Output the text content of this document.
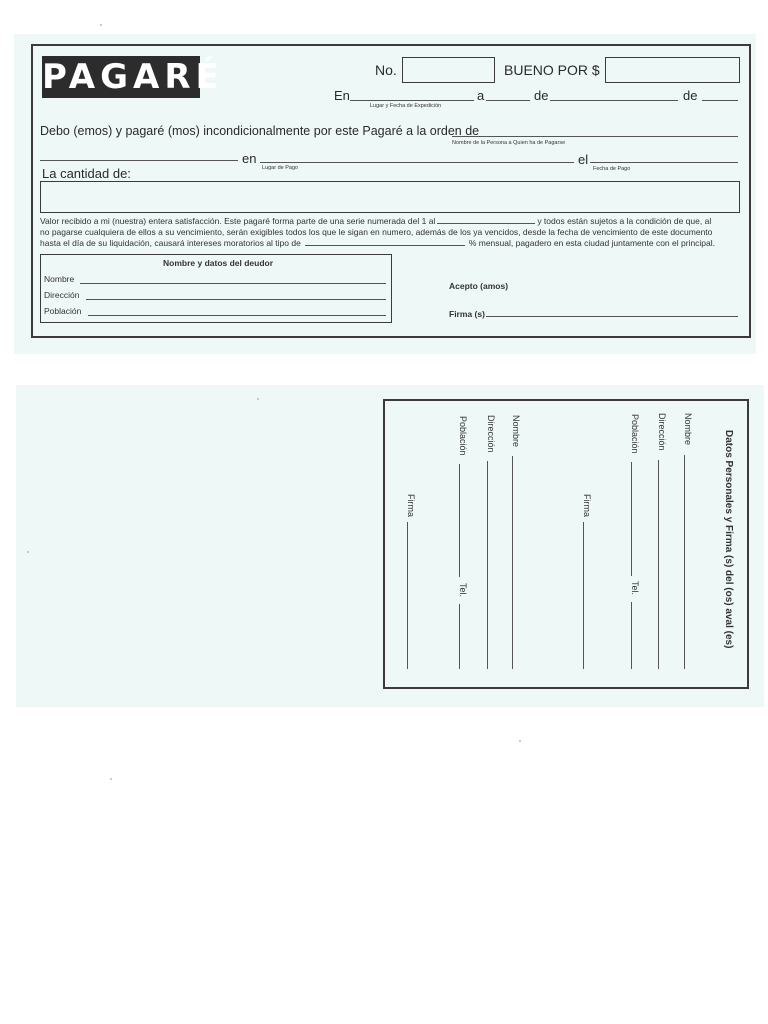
PAGARÉ	No.	BUENO POR $
En	a	de	de
Lugar y Fecha de Expedición
Debo (emos) y pagaré (mos) incondicionalmente por este Pagaré a la orden de
Nombre de la Persona a Quien ha de Pagarse
en	el
Lugar de Pago	Fecha de Pago
La cantidad de:
Valor recibido a mi (nuestra) entera satisfacción. Este pagaré forma parte de una serie numerada del 1 al	y todos están sujetos a la condición de que, al
no pagarse cualquiera de ellos a su vencimiento, serán exigibles todos los que le sigan en numero, además de los ya vencidos, desde la fecha de vencimiento de este documento
hasta el día de su liquidación, causará intereses moratorios al tipo de	% mensual, pagadero en esta ciudad juntamente con el principal.
Nombre y datos del deudor
Nombre
Dirección
Población
Acepto (amos)
Firma (s)
Datos Personales y Firma (s) del (os) aval (es)
Nombre
Dirección
Población
Tel.
Firma
Nombre
Dirección
Población
Tel.
Firma
